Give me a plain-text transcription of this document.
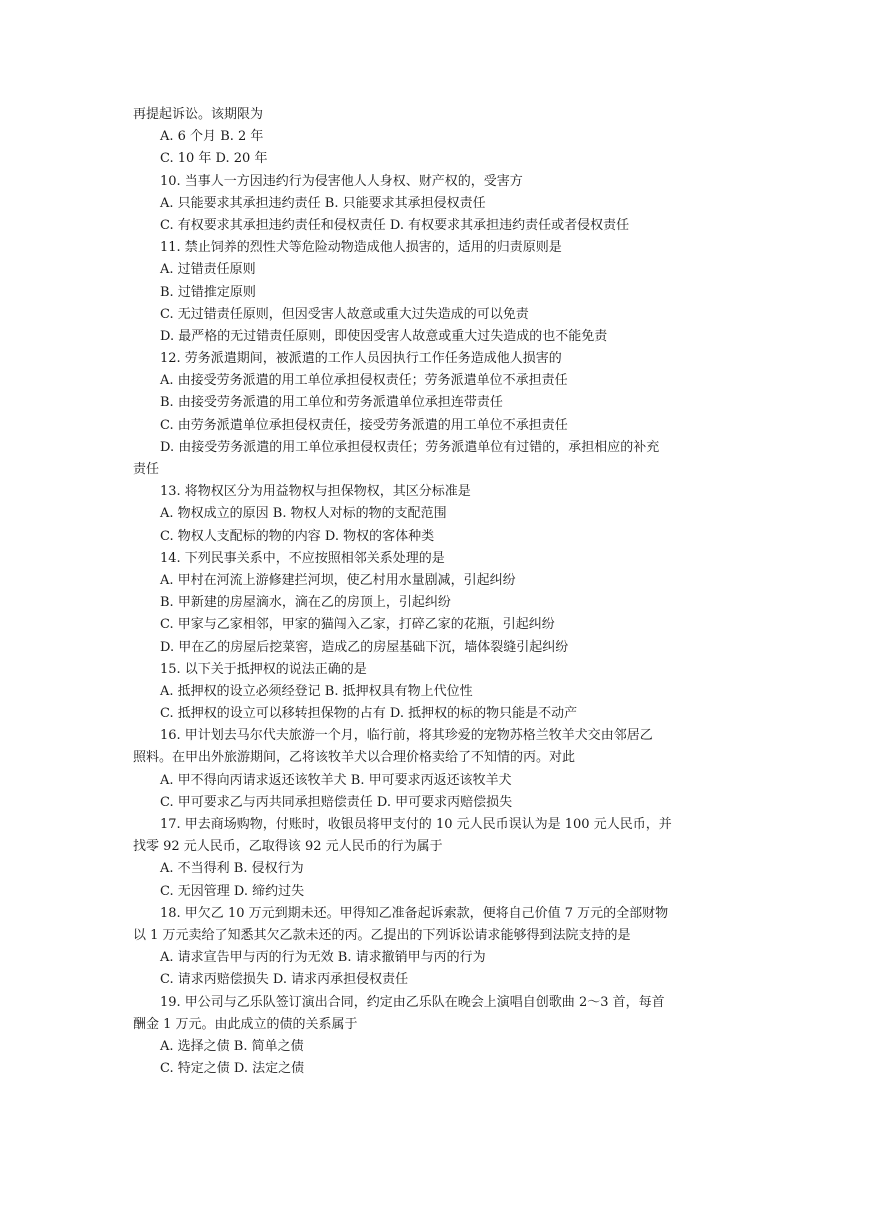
再提起诉讼。该期限为
A. 6 个月 B. 2 年
C. 10 年 D. 20 年
10. 当事人一方因违约行为侵害他人人身权、财产权的，受害方
A. 只能要求其承担违约责任 B. 只能要求其承担侵权责任
C. 有权要求其承担违约责任和侵权责任 D. 有权要求其承担违约责任或者侵权责任
11. 禁止饲养的烈性犬等危险动物造成他人损害的，适用的归责原则是
A. 过错责任原则
B. 过错推定原则
C. 无过错责任原则，但因受害人故意或重大过失造成的可以免责
D. 最严格的无过错责任原则，即使因受害人故意或重大过失造成的也不能免责
12. 劳务派遣期间，被派遣的工作人员因执行工作任务造成他人损害的
A. 由接受劳务派遣的用工单位承担侵权责任；劳务派遣单位不承担责任
B. 由接受劳务派遣的用工单位和劳务派遣单位承担连带责任
C. 由劳务派遣单位承担侵权责任，接受劳务派遣的用工单位不承担责任
D. 由接受劳务派遣的用工单位承担侵权责任；劳务派遣单位有过错的，承担相应的补充
责任
13. 将物权区分为用益物权与担保物权，其区分标准是
A. 物权成立的原因 B. 物权人对标的物的支配范围
C. 物权人支配标的物的内容 D. 物权的客体种类
14. 下列民事关系中，不应按照相邻关系处理的是
A. 甲村在河流上游修建拦河坝，使乙村用水量剧减，引起纠纷
B. 甲新建的房屋滴水，滴在乙的房顶上，引起纠纷
C. 甲家与乙家相邻，甲家的猫闯入乙家，打碎乙家的花瓶，引起纠纷
D. 甲在乙的房屋后挖菜窖，造成乙的房屋基础下沉，墙体裂缝引起纠纷
15. 以下关于抵押权的说法正确的是
A. 抵押权的设立必须经登记 B. 抵押权具有物上代位性
C. 抵押权的设立可以移转担保物的占有 D. 抵押权的标的物只能是不动产
16. 甲计划去马尔代夫旅游一个月，临行前，将其珍爱的宠物苏格兰牧羊犬交由邻居乙
照料。在甲出外旅游期间，乙将该牧羊犬以合理价格卖给了不知情的丙。对此
A. 甲不得向丙请求返还该牧羊犬 B. 甲可要求丙返还该牧羊犬
C. 甲可要求乙与丙共同承担赔偿责任 D. 甲可要求丙赔偿损失
17. 甲去商场购物，付账时，收银员将甲支付的 10 元人民币误认为是 100 元人民币，并
找零 92 元人民币，乙取得该 92 元人民币的行为属于
A. 不当得利 B. 侵权行为
C. 无因管理 D. 缔约过失
18. 甲欠乙 10 万元到期未还。甲得知乙准备起诉索款，便将自己价值 7 万元的全部财物
以 1 万元卖给了知悉其欠乙款未还的丙。乙提出的下列诉讼请求能够得到法院支持的是
A. 请求宣告甲与丙的行为无效 B. 请求撤销甲与丙的行为
C. 请求丙赔偿损失 D. 请求丙承担侵权责任
19. 甲公司与乙乐队签订演出合同，约定由乙乐队在晚会上演唱自创歌曲 2～3 首，每首
酬金 1 万元。由此成立的债的关系属于
A. 选择之债 B. 简单之债
C. 特定之债 D. 法定之债
